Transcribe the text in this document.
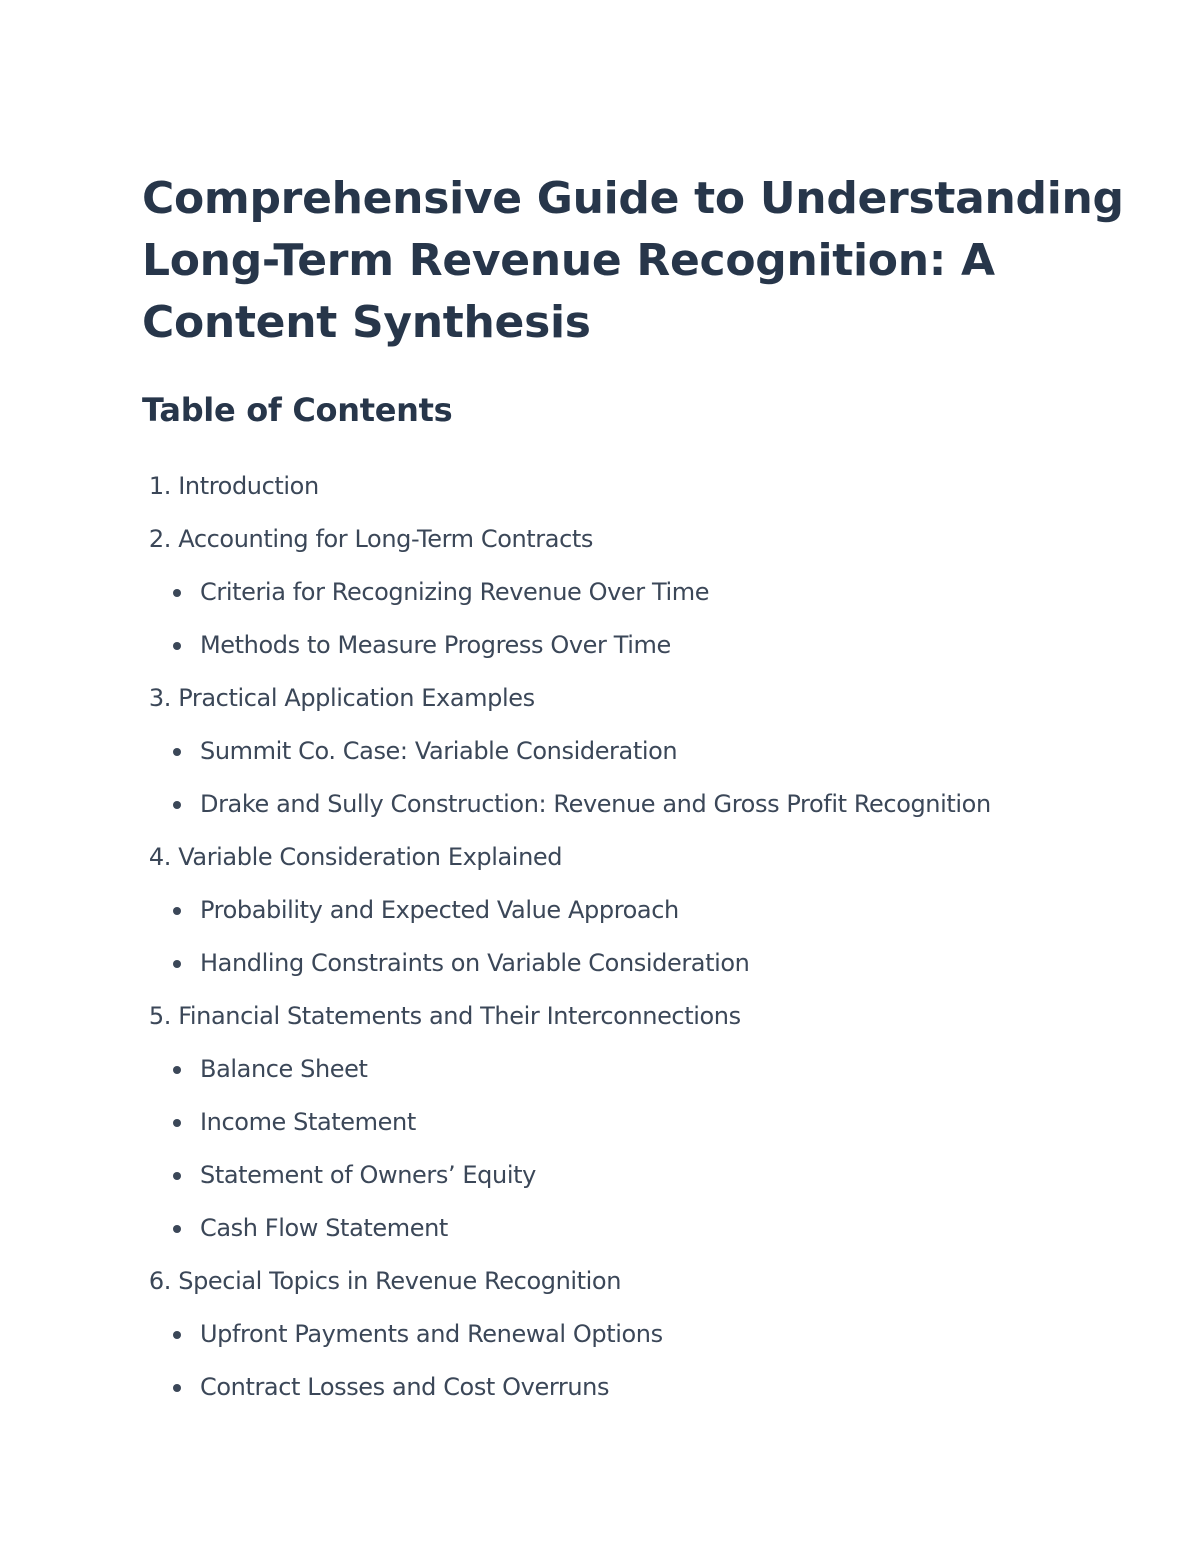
Comprehensive Guide to Understanding Long-Term Revenue Recognition: A Content Synthesis
Table of Contents
1. Introduction
2. Accounting for Long-Term Contracts
Criteria for Recognizing Revenue Over Time
Methods to Measure Progress Over Time
3. Practical Application Examples
Summit Co. Case: Variable Consideration
Drake and Sully Construction: Revenue and Gross Profit Recognition
4. Variable Consideration Explained
Probability and Expected Value Approach
Handling Constraints on Variable Consideration
5. Financial Statements and Their Interconnections
Balance Sheet
Income Statement
Statement of Owners’ Equity
Cash Flow Statement
6. Special Topics in Revenue Recognition
Upfront Payments and Renewal Options
Contract Losses and Cost Overruns
